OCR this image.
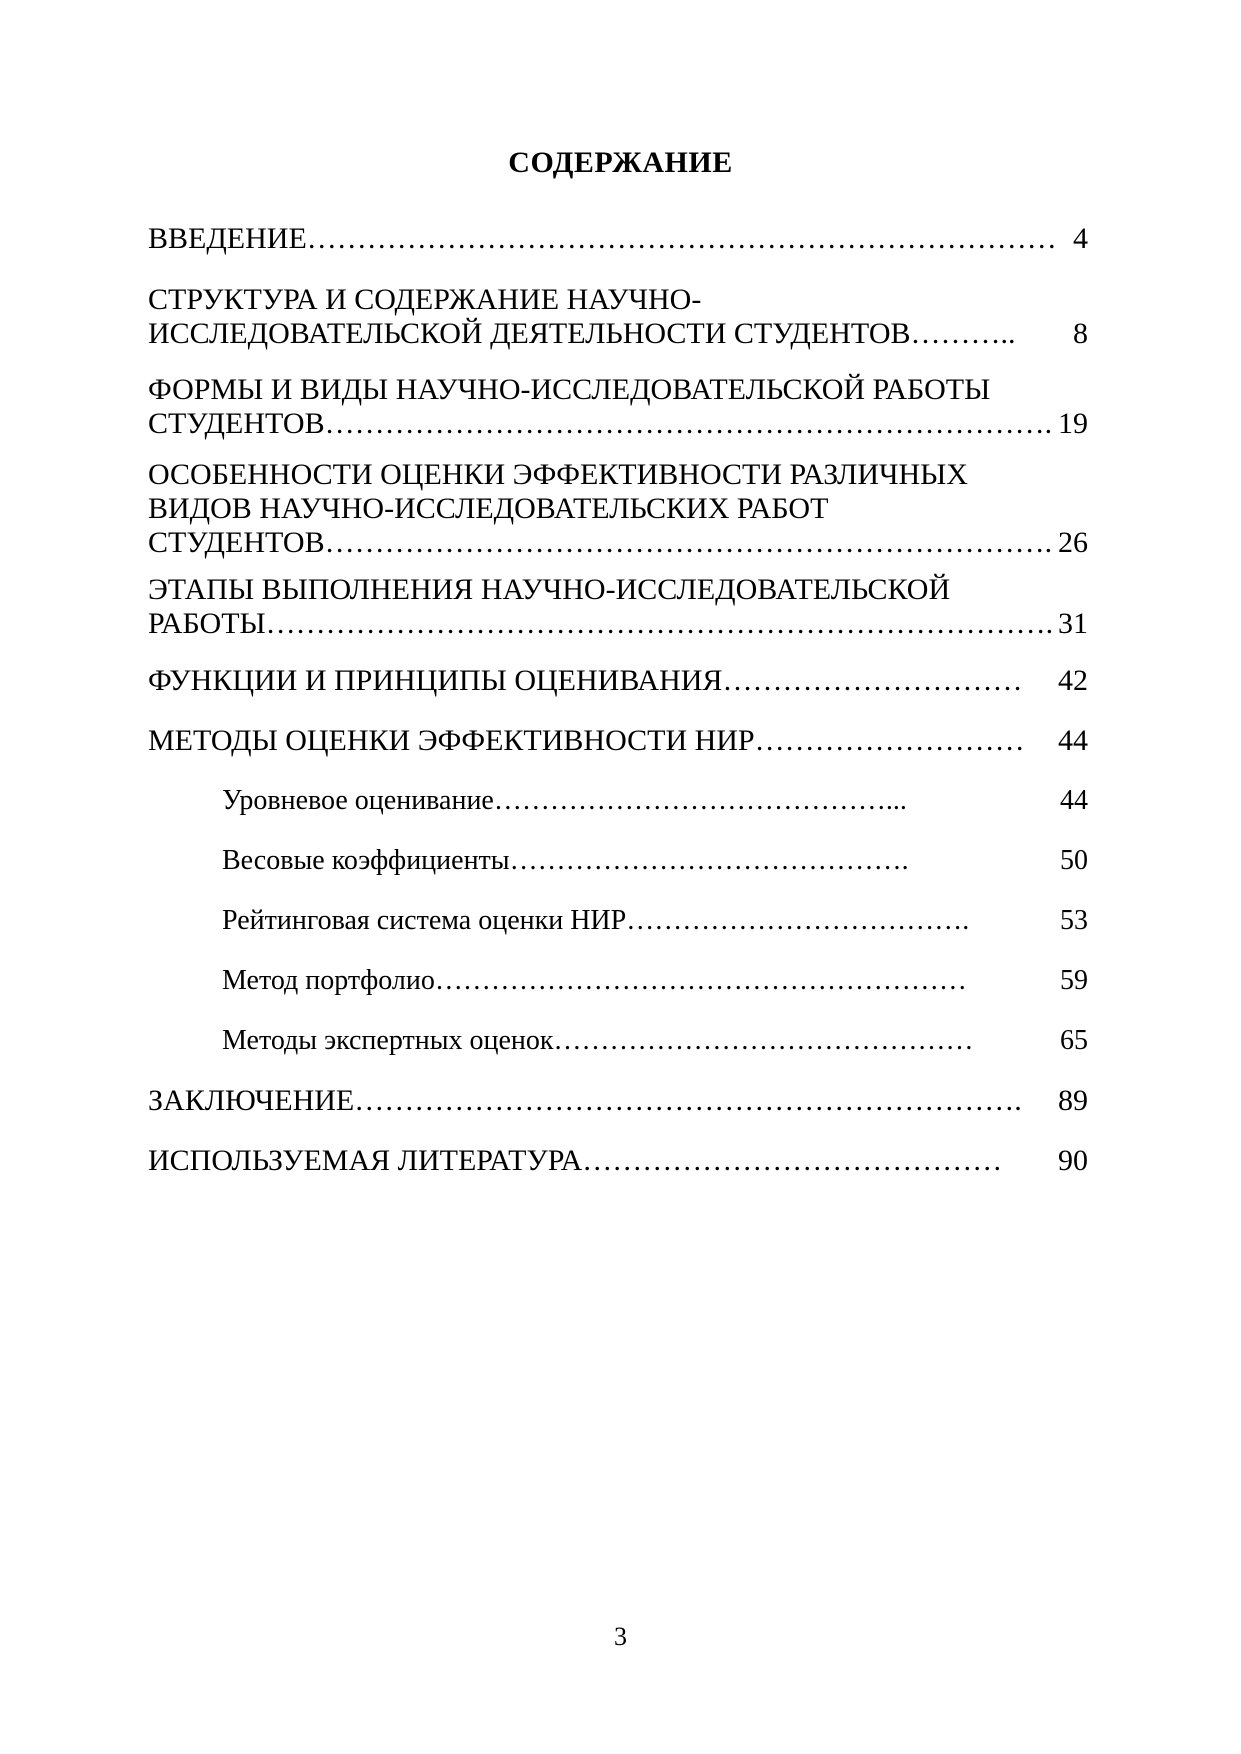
СОДЕРЖАНИЕ
ВВЕДЕНИЕ………………………………………………………………… 4
СТРУКТУРА И СОДЕРЖАНИЕ НАУЧНО-
ИССЛЕДОВАТЕЛЬСКОЙ ДЕЯТЕЛЬНОСТИ СТУДЕНТОВ………..	8
ФОРМЫ И ВИДЫ НАУЧНО-ИССЛЕДОВАТЕЛЬСКОЙ РАБОТЫ
СТУДЕНТОВ………………………………………………………………. 19
ОСОБЕННОСТИ ОЦЕНКИ ЭФФЕКТИВНОСТИ РАЗЛИЧНЫХ
ВИДОВ НАУЧНО-ИССЛЕДОВАТЕЛЬСКИХ РАБОТ
СТУДЕНТОВ………………………………………………………………. 26
ЭТАПЫ ВЫПОЛНЕНИЯ НАУЧНО-ИССЛЕДОВАТЕЛЬСКОЙ
РАБОТЫ……………………………………………………………………. 31
ФУНКЦИИ И ПРИНЦИПЫ ОЦЕНИВАНИЯ…………………………	42
МЕТОДЫ ОЦЕНКИ ЭФФЕКТИВНОСТИ НИР………………………	44
Уровневое оценивание……………………………………...	44
Весовые коэффициенты…………………………………….	50
Рейтинговая система оценки НИР……………………………….	53
Метод портфолио…………………………………………………	59
Методы экспертных оценок………………………………………	65
ЗАКЛЮЧЕНИЕ………………………………………………………….	89
ИСПОЛЬЗУЕМАЯ ЛИТЕРАТУРА……………………………………	90
3
